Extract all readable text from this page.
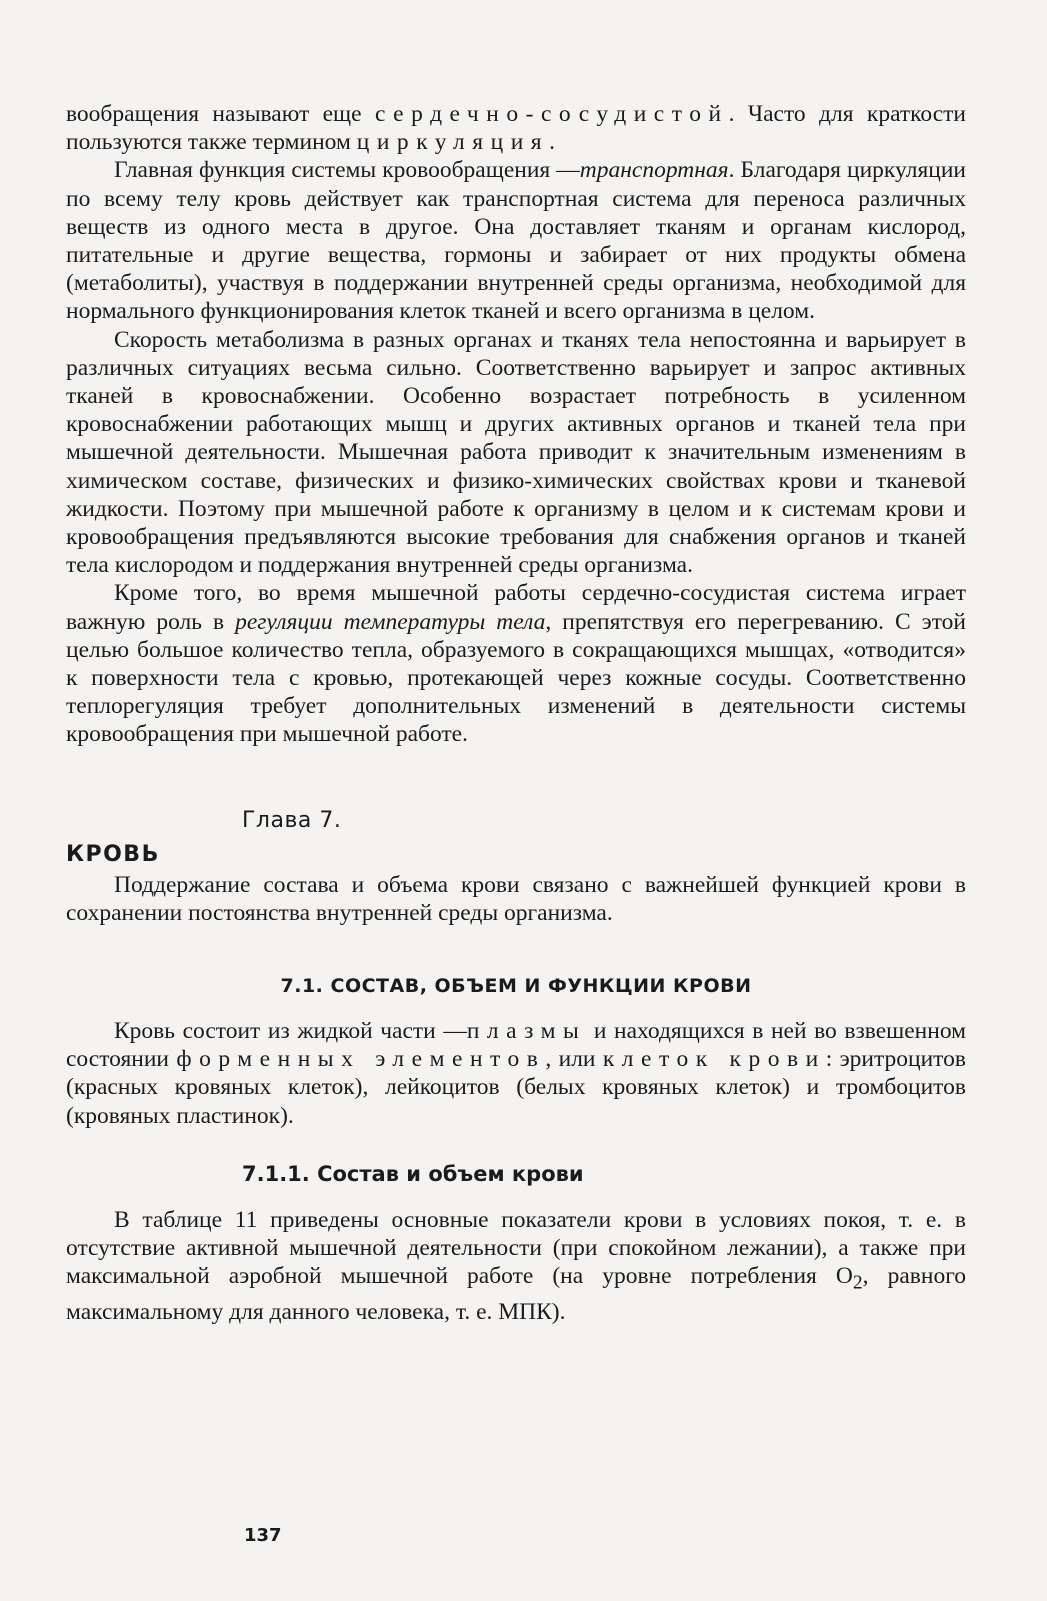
вообращения называют еще сердечно-сосудистой. Часто для краткости пользуются также термином циркуляция.

Главная функция системы кровообращения —транспортная. Благодаря циркуляции по всему телу кровь действует как транспортная система для переноса различных веществ из одного места в другое. Она доставляет тканям и органам кислород, питательные и другие вещества, гормоны и забирает от них продукты обмена (метаболиты), участвуя в поддержании внутренней среды организма, необходимой для нормального функционирования клеток тканей и всего организма в целом.

Скорость метаболизма в разных органах и тканях тела непостоянна и варьирует в различных ситуациях весьма сильно. Соответственно варьирует и запрос активных тканей в кровоснабжении. Особенно возрастает потребность в усиленном кровоснабжении работающих мышц и других активных органов и тканей тела при мышечной деятельности. Мышечная работа приводит к значительным изменениям в химическом составе, физических и физико-химических свойствах крови и тканевой жидкости. Поэтому при мышечной работе к организму в целом и к системам крови и кровообращения предъявляются высокие требования для снабжения органов и тканей тела кислородом и поддержания внутренней среды организма.

Кроме того, во время мышечной работы сердечно-сосудистая система играет важную роль в регуляции температуры тела, препятствуя его перегреванию. С этой целью большое количество тепла, образуемого в сокращающихся мышцах, «отводится» к поверхности тела с кровью, протекающей через кожные сосуды. Соответственно теплорегуляция требует дополнительных изменений в деятельности системы кровообращения при мышечной работе.

Глава 7.
КРОВЬ

Поддержание состава и объема крови связано с важнейшей функцией крови в сохранении постоянства внутренней среды организма.

7.1. СОСТАВ, ОБЪЕМ И ФУНКЦИИ КРОВИ

Кровь состоит из жидкой части —плазмы и находящихся в ней во взвешенном состоянии форменных элементов, или клеток крови: эритроцитов (красных кровяных клеток), лейкоцитов (белых кровяных клеток) и тромбоцитов (кровяных пластинок).

7.1.1. Состав и объем крови

В таблице 11 приведены основные показатели крови в условиях покоя, т. е. в отсутствие активной мышечной деятельности (при спокойном лежании), а также при максимальной аэробной мышечной работе (на уровне потребления $O_2$, равного максимальному для данного человека, т. е. МПК).

137
